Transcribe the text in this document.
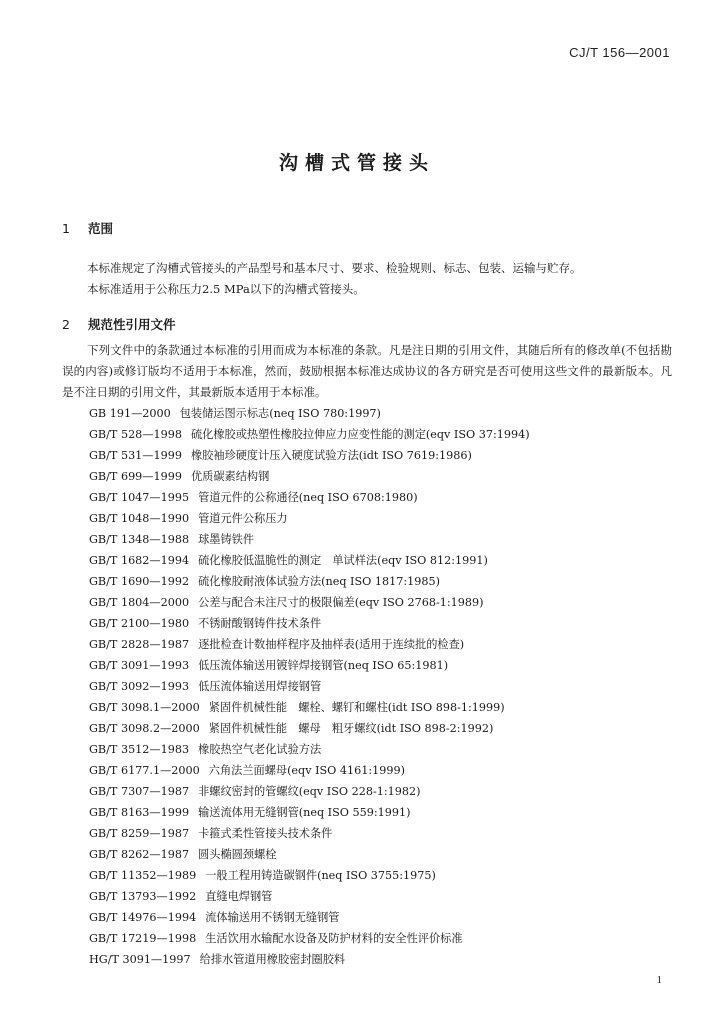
CJ/T 156—2001
沟槽式管接头
1 范围
本标准规定了沟槽式管接头的产品型号和基本尺寸、要求、检验规则、标志、包装、运输与贮存。
本标准适用于公称压力2.5 MPa以下的沟槽式管接头。
2 规范性引用文件
下列文件中的条款通过本标准的引用而成为本标准的条款。凡是注日期的引用文件，其随后所有的修改单(不包括勘误的内容)或修订版均不适用于本标准，然而，鼓励根据本标准达成协议的各方研究是否可使用这些文件的最新版本。凡是不注日期的引用文件，其最新版本适用于本标准。
GB 191—2000 包装储运图示标志(neq ISO 780:1997)
GB/T 528—1998 硫化橡胶或热塑性橡胶拉伸应力应变性能的测定(eqv ISO 37:1994)
GB/T 531—1999 橡胶袖珍硬度计压入硬度试验方法(idt ISO 7619:1986)
GB/T 699—1999 优质碳素结构钢
GB/T 1047—1995 管道元件的公称通径(neq ISO 6708:1980)
GB/T 1048—1990 管道元件公称压力
GB/T 1348—1988 球墨铸铁件
GB/T 1682—1994 硫化橡胶低温脆性的测定　单试样法(eqv ISO 812:1991)
GB/T 1690—1992 硫化橡胶耐液体试验方法(neq ISO 1817:1985)
GB/T 1804—2000 公差与配合未注尺寸的极限偏差(eqv ISO 2768-1:1989)
GB/T 2100—1980 不锈耐酸钢铸件技术条件
GB/T 2828—1987 逐批检查计数抽样程序及抽样表(适用于连续批的检查)
GB/T 3091—1993 低压流体输送用镀锌焊接钢管(neq ISO 65:1981)
GB/T 3092—1993 低压流体输送用焊接钢管
GB/T 3098.1—2000 紧固件机械性能　螺栓、螺钉和螺柱(idt ISO 898-1:1999)
GB/T 3098.2—2000 紧固件机械性能　螺母　粗牙螺纹(idt ISO 898-2:1992)
GB/T 3512—1983 橡胶热空气老化试验方法
GB/T 6177.1—2000 六角法兰面螺母(eqv ISO 4161:1999)
GB/T 7307—1987 非螺纹密封的管螺纹(eqv ISO 228-1:1982)
GB/T 8163—1999 输送流体用无缝钢管(neq ISO 559:1991)
GB/T 8259—1987 卡箍式柔性管接头技术条件
GB/T 8262—1987 圆头椭圆颈螺栓
GB/T 11352—1989 一般工程用铸造碳钢件(neq ISO 3755:1975)
GB/T 13793—1992 直缝电焊钢管
GB/T 14976—1994 流体输送用不锈钢无缝钢管
GB/T 17219—1998 生活饮用水输配水设备及防护材料的安全性评价标准
HG/T 3091—1997 给排水管道用橡胶密封圈胶料
1
